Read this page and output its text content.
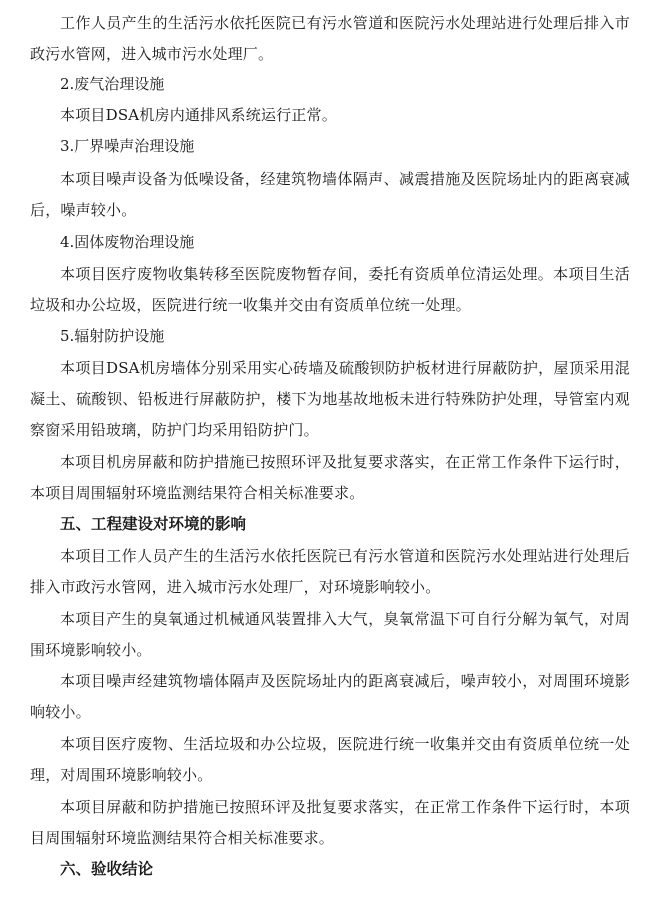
工作人员产生的生活污水依托医院已有污水管道和医院污水处理站进行处理后排入市政污水管网，进入城市污水处理厂。

2.废气治理设施

本项目DSA机房内通排风系统运行正常。

3.厂界噪声治理设施

本项目噪声设备为低噪设备，经建筑物墙体隔声、减震措施及医院场址内的距离衰减后，噪声较小。

4.固体废物治理设施

本项目医疗废物收集转移至医院废物暂存间，委托有资质单位清运处理。本项目生活垃圾和办公垃圾，医院进行统一收集并交由有资质单位统一处理。

5.辐射防护设施

本项目DSA机房墙体分别采用实心砖墙及硫酸钡防护板材进行屏蔽防护，屋顶采用混凝土、硫酸钡、铅板进行屏蔽防护，楼下为地基故地板未进行特殊防护处理，导管室内观察窗采用铅玻璃，防护门均采用铅防护门。

本项目机房屏蔽和防护措施已按照环评及批复要求落实，在正常工作条件下运行时，本项目周围辐射环境监测结果符合相关标准要求。

五、工程建设对环境的影响

本项目工作人员产生的生活污水依托医院已有污水管道和医院污水处理站进行处理后排入市政污水管网，进入城市污水处理厂，对环境影响较小。

本项目产生的臭氧通过机械通风装置排入大气，臭氧常温下可自行分解为氧气，对周围环境影响较小。

本项目噪声经建筑物墙体隔声及医院场址内的距离衰减后，噪声较小，对周围环境影响较小。

本项目医疗废物、生活垃圾和办公垃圾，医院进行统一收集并交由有资质单位统一处理，对周围环境影响较小。

本项目屏蔽和防护措施已按照环评及批复要求落实，在正常工作条件下运行时，本项目周围辐射环境监测结果符合相关标准要求。

六、验收结论
